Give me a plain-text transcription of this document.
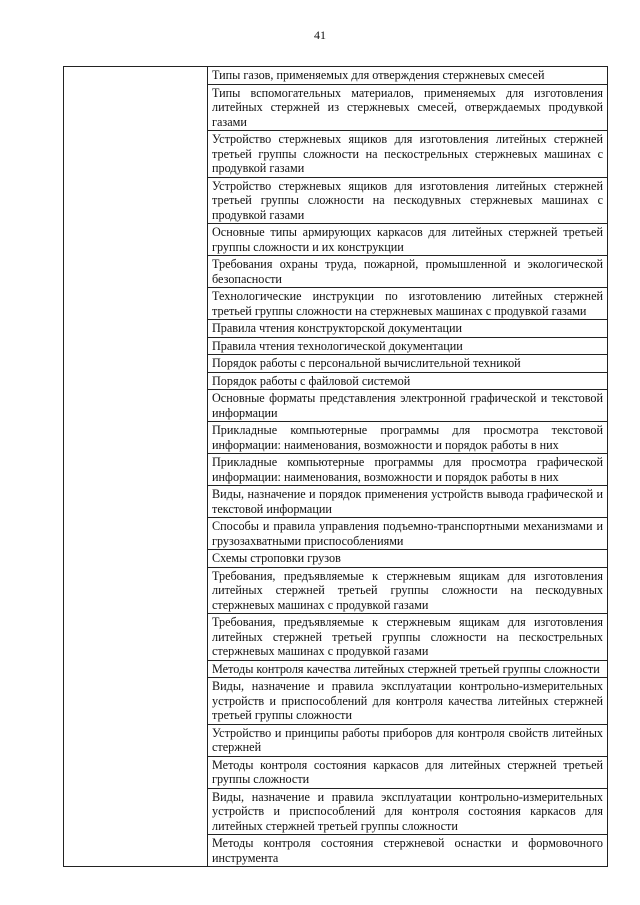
41
	Типы газов, применяемых для отверждения стержневых смесей
	Типы вспомогательных материалов, применяемых для изготовления литейных стержней из стержневых смесей, отверждаемых продувкой газами
	Устройство стержневых ящиков для изготовления литейных стержней третьей группы сложности на пескострельных стержневых машинах с продувкой газами
	Устройство стержневых ящиков для изготовления литейных стержней третьей группы сложности на пескодувных стержневых машинах с продувкой газами
	Основные типы армирующих каркасов для литейных стержней третьей группы сложности и их конструкции
	Требования охраны труда, пожарной, промышленной и экологической безопасности
	Технологические инструкции по изготовлению литейных стержней третьей группы сложности на стержневых машинах с продувкой газами
	Правила чтения конструкторской документации
	Правила чтения технологической документации
	Порядок работы с персональной вычислительной техникой
	Порядок работы с файловой системой
	Основные форматы представления электронной графической и текстовой информации
	Прикладные компьютерные программы для просмотра текстовой информации: наименования, возможности и порядок работы в них
	Прикладные компьютерные программы для просмотра графической информации: наименования, возможности и порядок работы в них
	Виды, назначение и порядок применения устройств вывода графической и текстовой информации
	Способы и правила управления подъемно-транспортными механизмами и грузозахватными приспособлениями
	Схемы строповки грузов
	Требования, предъявляемые к стержневым ящикам для изготовления литейных стержней третьей группы сложности на пескодувных стержневых машинах с продувкой газами
	Требования, предъявляемые к стержневым ящикам для изготовления литейных стержней третьей группы сложности на пескострельных стержневых машинах с продувкой газами
	Методы контроля качества литейных стержней третьей группы сложности
	Виды, назначение и правила эксплуатации контрольно-измерительных устройств и приспособлений для контроля качества литейных стержней третьей группы сложности
	Устройство и принципы работы приборов для контроля свойств литейных стержней
	Методы контроля состояния каркасов для литейных стержней третьей группы сложности
	Виды, назначение и правила эксплуатации контрольно-измерительных устройств и приспособлений для контроля состояния каркасов для литейных стержней третьей группы сложности
	Методы контроля состояния стержневой оснастки и формовочного инструмента
